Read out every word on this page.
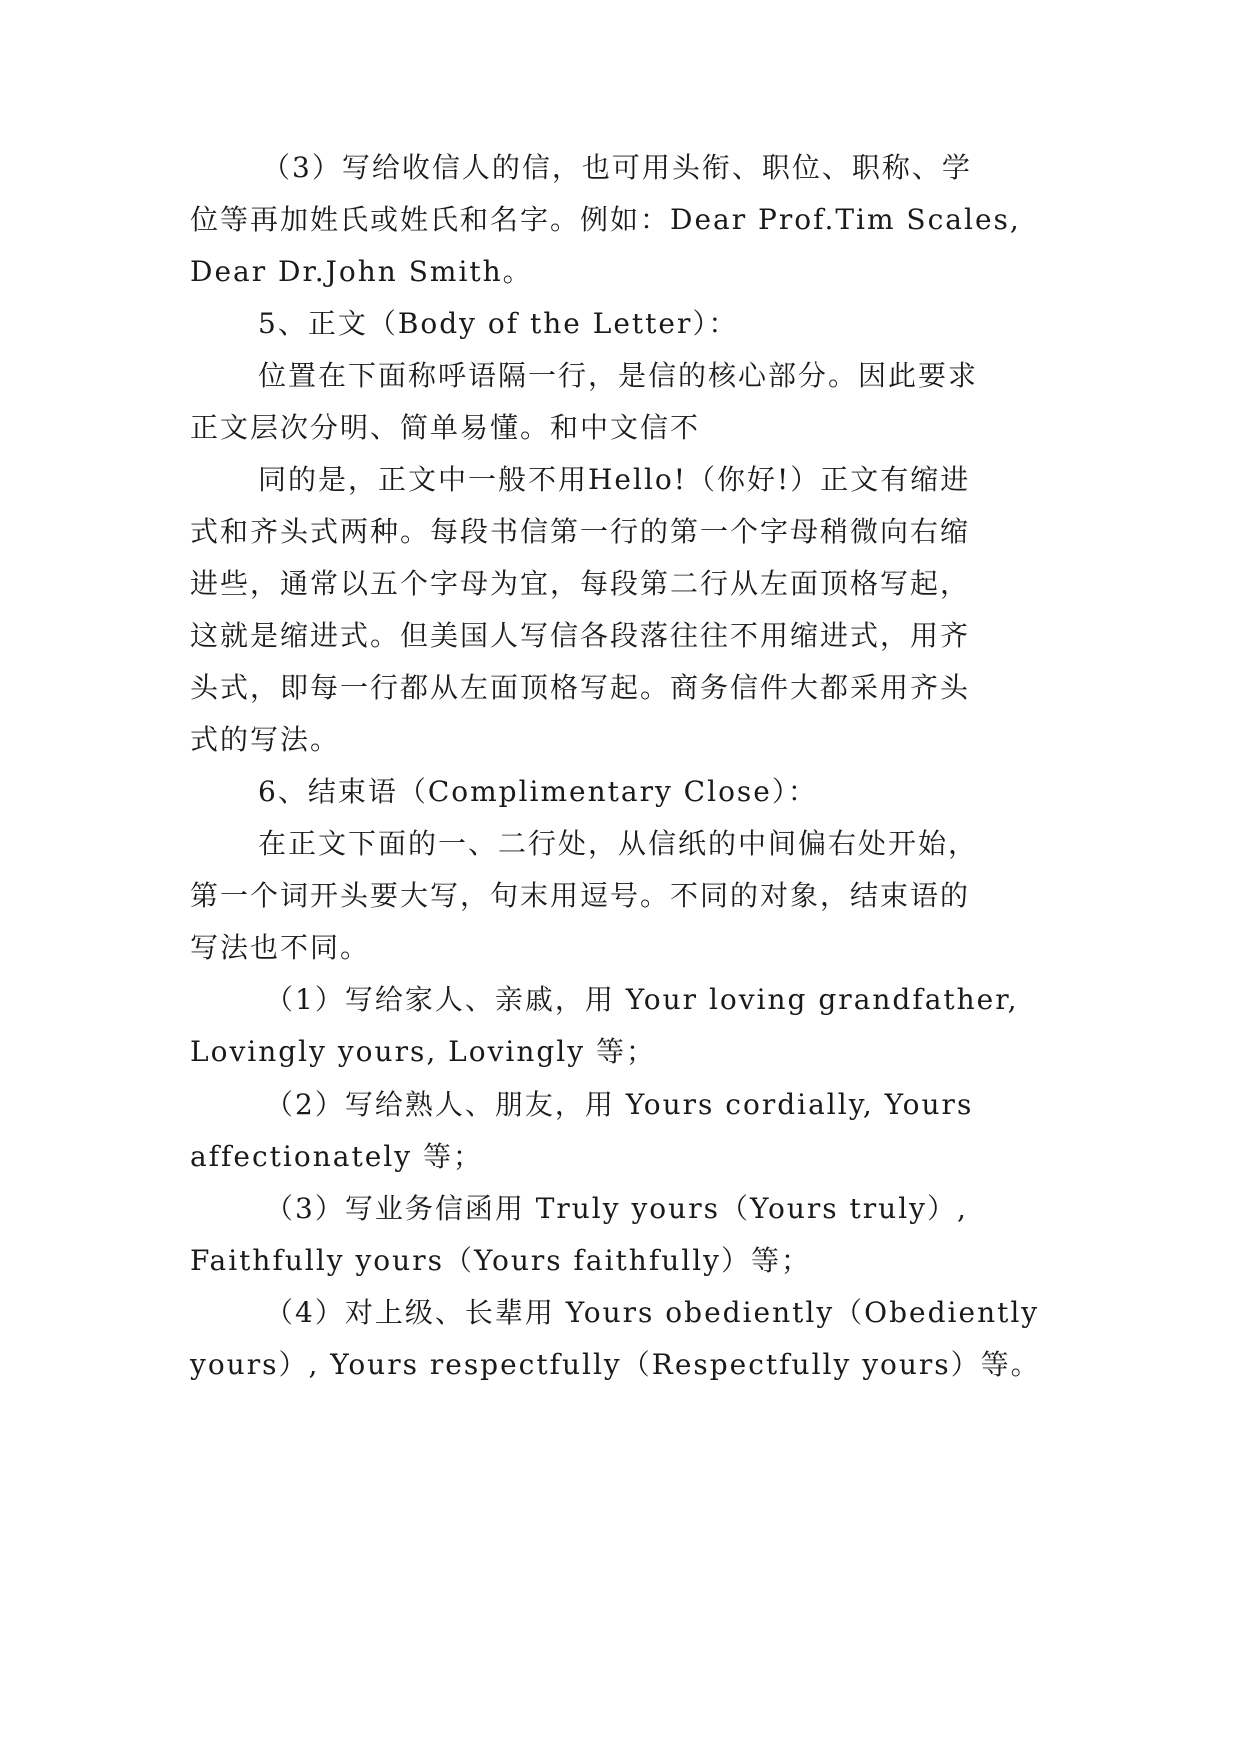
（3）写给收信人的信，也可用头衔、职位、职称、学

位等再加姓氏或姓氏和名字。例如：Dear Prof.Tim Scales,

Dear Dr.John Smith。

5、正文（Body of the Letter）：

位置在下面称呼语隔一行，是信的核心部分。因此要求

正文层次分明、简单易懂。和中文信不

同的是，正文中一般不用Hello!（你好!）正文有缩进

式和齐头式两种。每段书信第一行的第一个字母稍微向右缩

进些，通常以五个字母为宜，每段第二行从左面顶格写起，

这就是缩进式。但美国人写信各段落往往不用缩进式，用齐

头式，即每一行都从左面顶格写起。商务信件大都采用齐头

式的写法。

6、结束语（Complimentary Close）：

在正文下面的一、二行处，从信纸的中间偏右处开始，

第一个词开头要大写，句末用逗号。不同的对象，结束语的

写法也不同。

（1）写给家人、亲戚，用 Your loving grandfather,

Lovingly yours, Lovingly 等；

（2）写给熟人、朋友，用 Yours cordially, Yours

affectionately 等；

（3）写业务信函用 Truly yours（Yours truly）,

Faithfully yours（Yours faithfully）等；

（4）对上级、长辈用 Yours obediently（Obediently

yours）, Yours respectfully（Respectfully yours）等。
